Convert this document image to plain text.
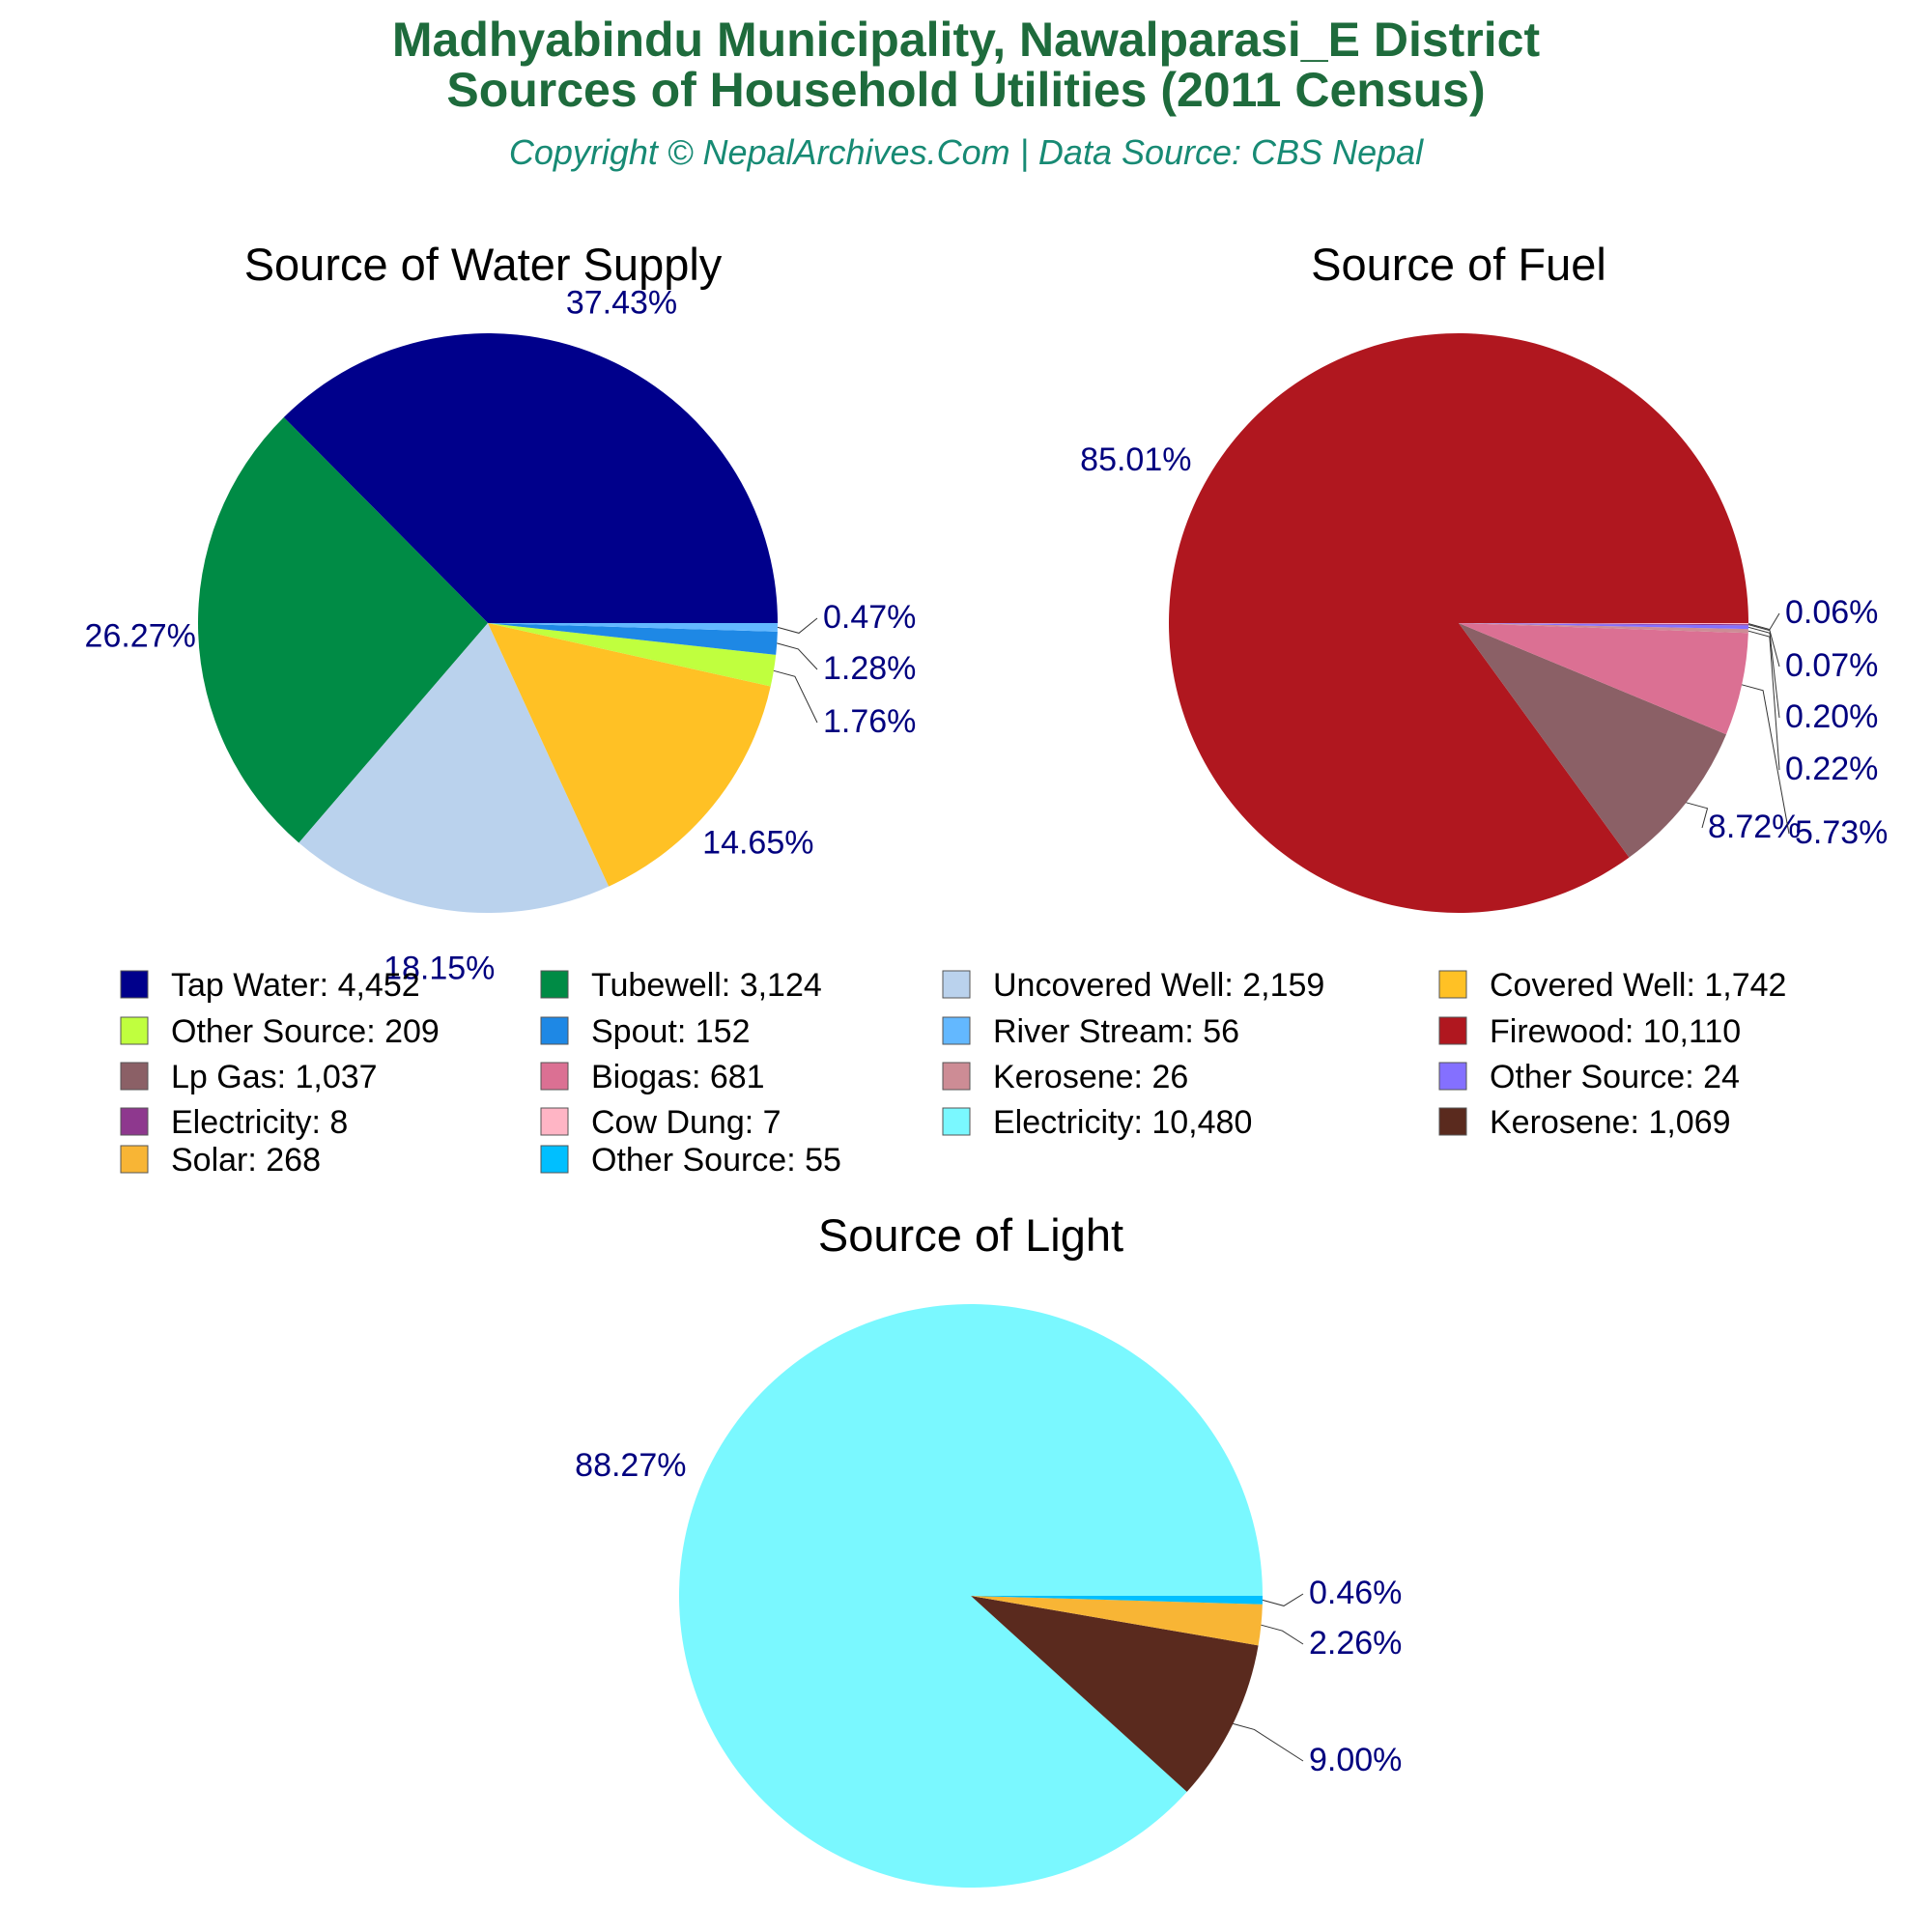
Madhyabindu Municipality, Nawalparasi_E District
Sources of Household Utilities (2011 Census)
Copyright © NepalArchives.Com | Data Source: CBS Nepal
Source of Water Supply	Source of Fuel
Source of Light
37.43%
26.27%
18.15%
14.65%
1.76%
1.28%
0.47%
85.01%
8.72%
5.73%
0.22%
0.20%
0.07%
0.06%
88.27%
9.00%
2.26%
0.46%
Tap Water: 4,452	Tubewell: 3,124	Uncovered Well: 2,159	Covered Well: 1,742
Other Source: 209	Spout: 152	River Stream: 56	Firewood: 10,110
Lp Gas: 1,037	Biogas: 681	Kerosene: 26	Other Source: 24
Electricity: 8	Cow Dung: 7	Electricity: 10,480	Kerosene: 1,069
Solar: 268	Other Source: 55
